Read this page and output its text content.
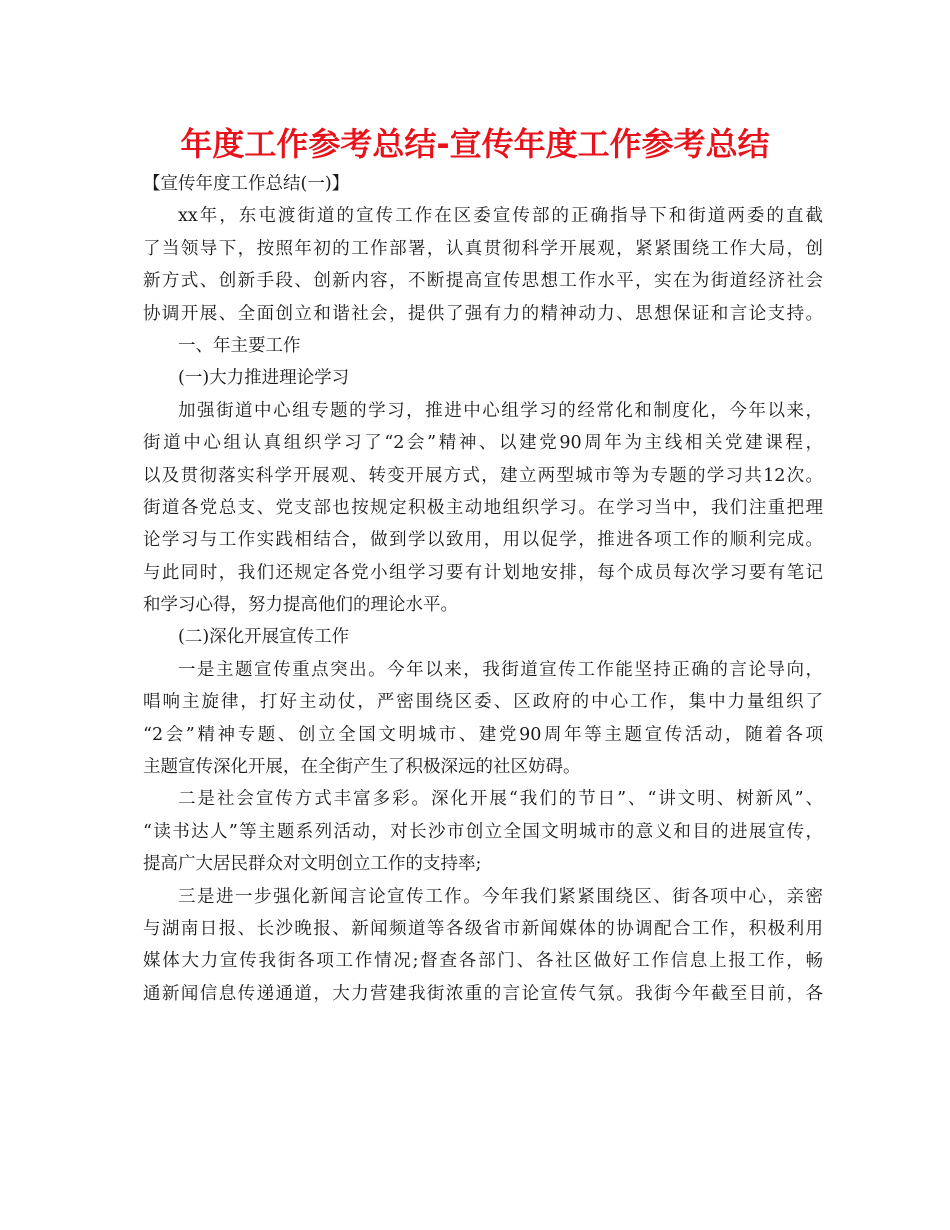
年度工作参考总结-宣传年度工作参考总结
【宣传年度工作总结(一)】
xx年，东屯渡街道的宣传工作在区委宣传部的正确指导下和街道两委的直截
了当领导下，按照年初的工作部署，认真贯彻科学开展观，紧紧围绕工作大局，创
新方式、创新手段、创新内容，不断提高宣传思想工作水平，实在为街道经济社会
协调开展、全面创立和谐社会，提供了强有力的精神动力、思想保证和言论支持。
一、年主要工作
(一)大力推进理论学习
加强街道中心组专题的学习，推进中心组学习的经常化和制度化，今年以来，
街道中心组认真组织学习了“2会”精神、以建党90周年为主线相关党建课程，
以及贯彻落实科学开展观、转变开展方式，建立两型城市等为专题的学习共12次。
街道各党总支、党支部也按规定积极主动地组织学习。在学习当中，我们注重把理
论学习与工作实践相结合，做到学以致用，用以促学，推进各项工作的顺利完成。
与此同时，我们还规定各党小组学习要有计划地安排，每个成员每次学习要有笔记
和学习心得，努力提高他们的理论水平。
(二)深化开展宣传工作
一是主题宣传重点突出。今年以来，我街道宣传工作能坚持正确的言论导向，
唱响主旋律，打好主动仗，严密围绕区委、区政府的中心工作，集中力量组织了
“2会”精神专题、创立全国文明城市、建党90周年等主题宣传活动，随着各项
主题宣传深化开展，在全街产生了积极深远的社区妨碍。
二是社会宣传方式丰富多彩。深化开展“我们的节日”、“讲文明、树新风”、
“读书达人”等主题系列活动，对长沙市创立全国文明城市的意义和目的进展宣传，
提高广大居民群众对文明创立工作的支持率;
三是进一步强化新闻言论宣传工作。今年我们紧紧围绕区、街各项中心，亲密
与湖南日报、长沙晚报、新闻频道等各级省市新闻媒体的协调配合工作，积极利用
媒体大力宣传我街各项工作情况;督查各部门、各社区做好工作信息上报工作，畅
通新闻信息传递通道，大力营建我街浓重的言论宣传气氛。我街今年截至目前，各
